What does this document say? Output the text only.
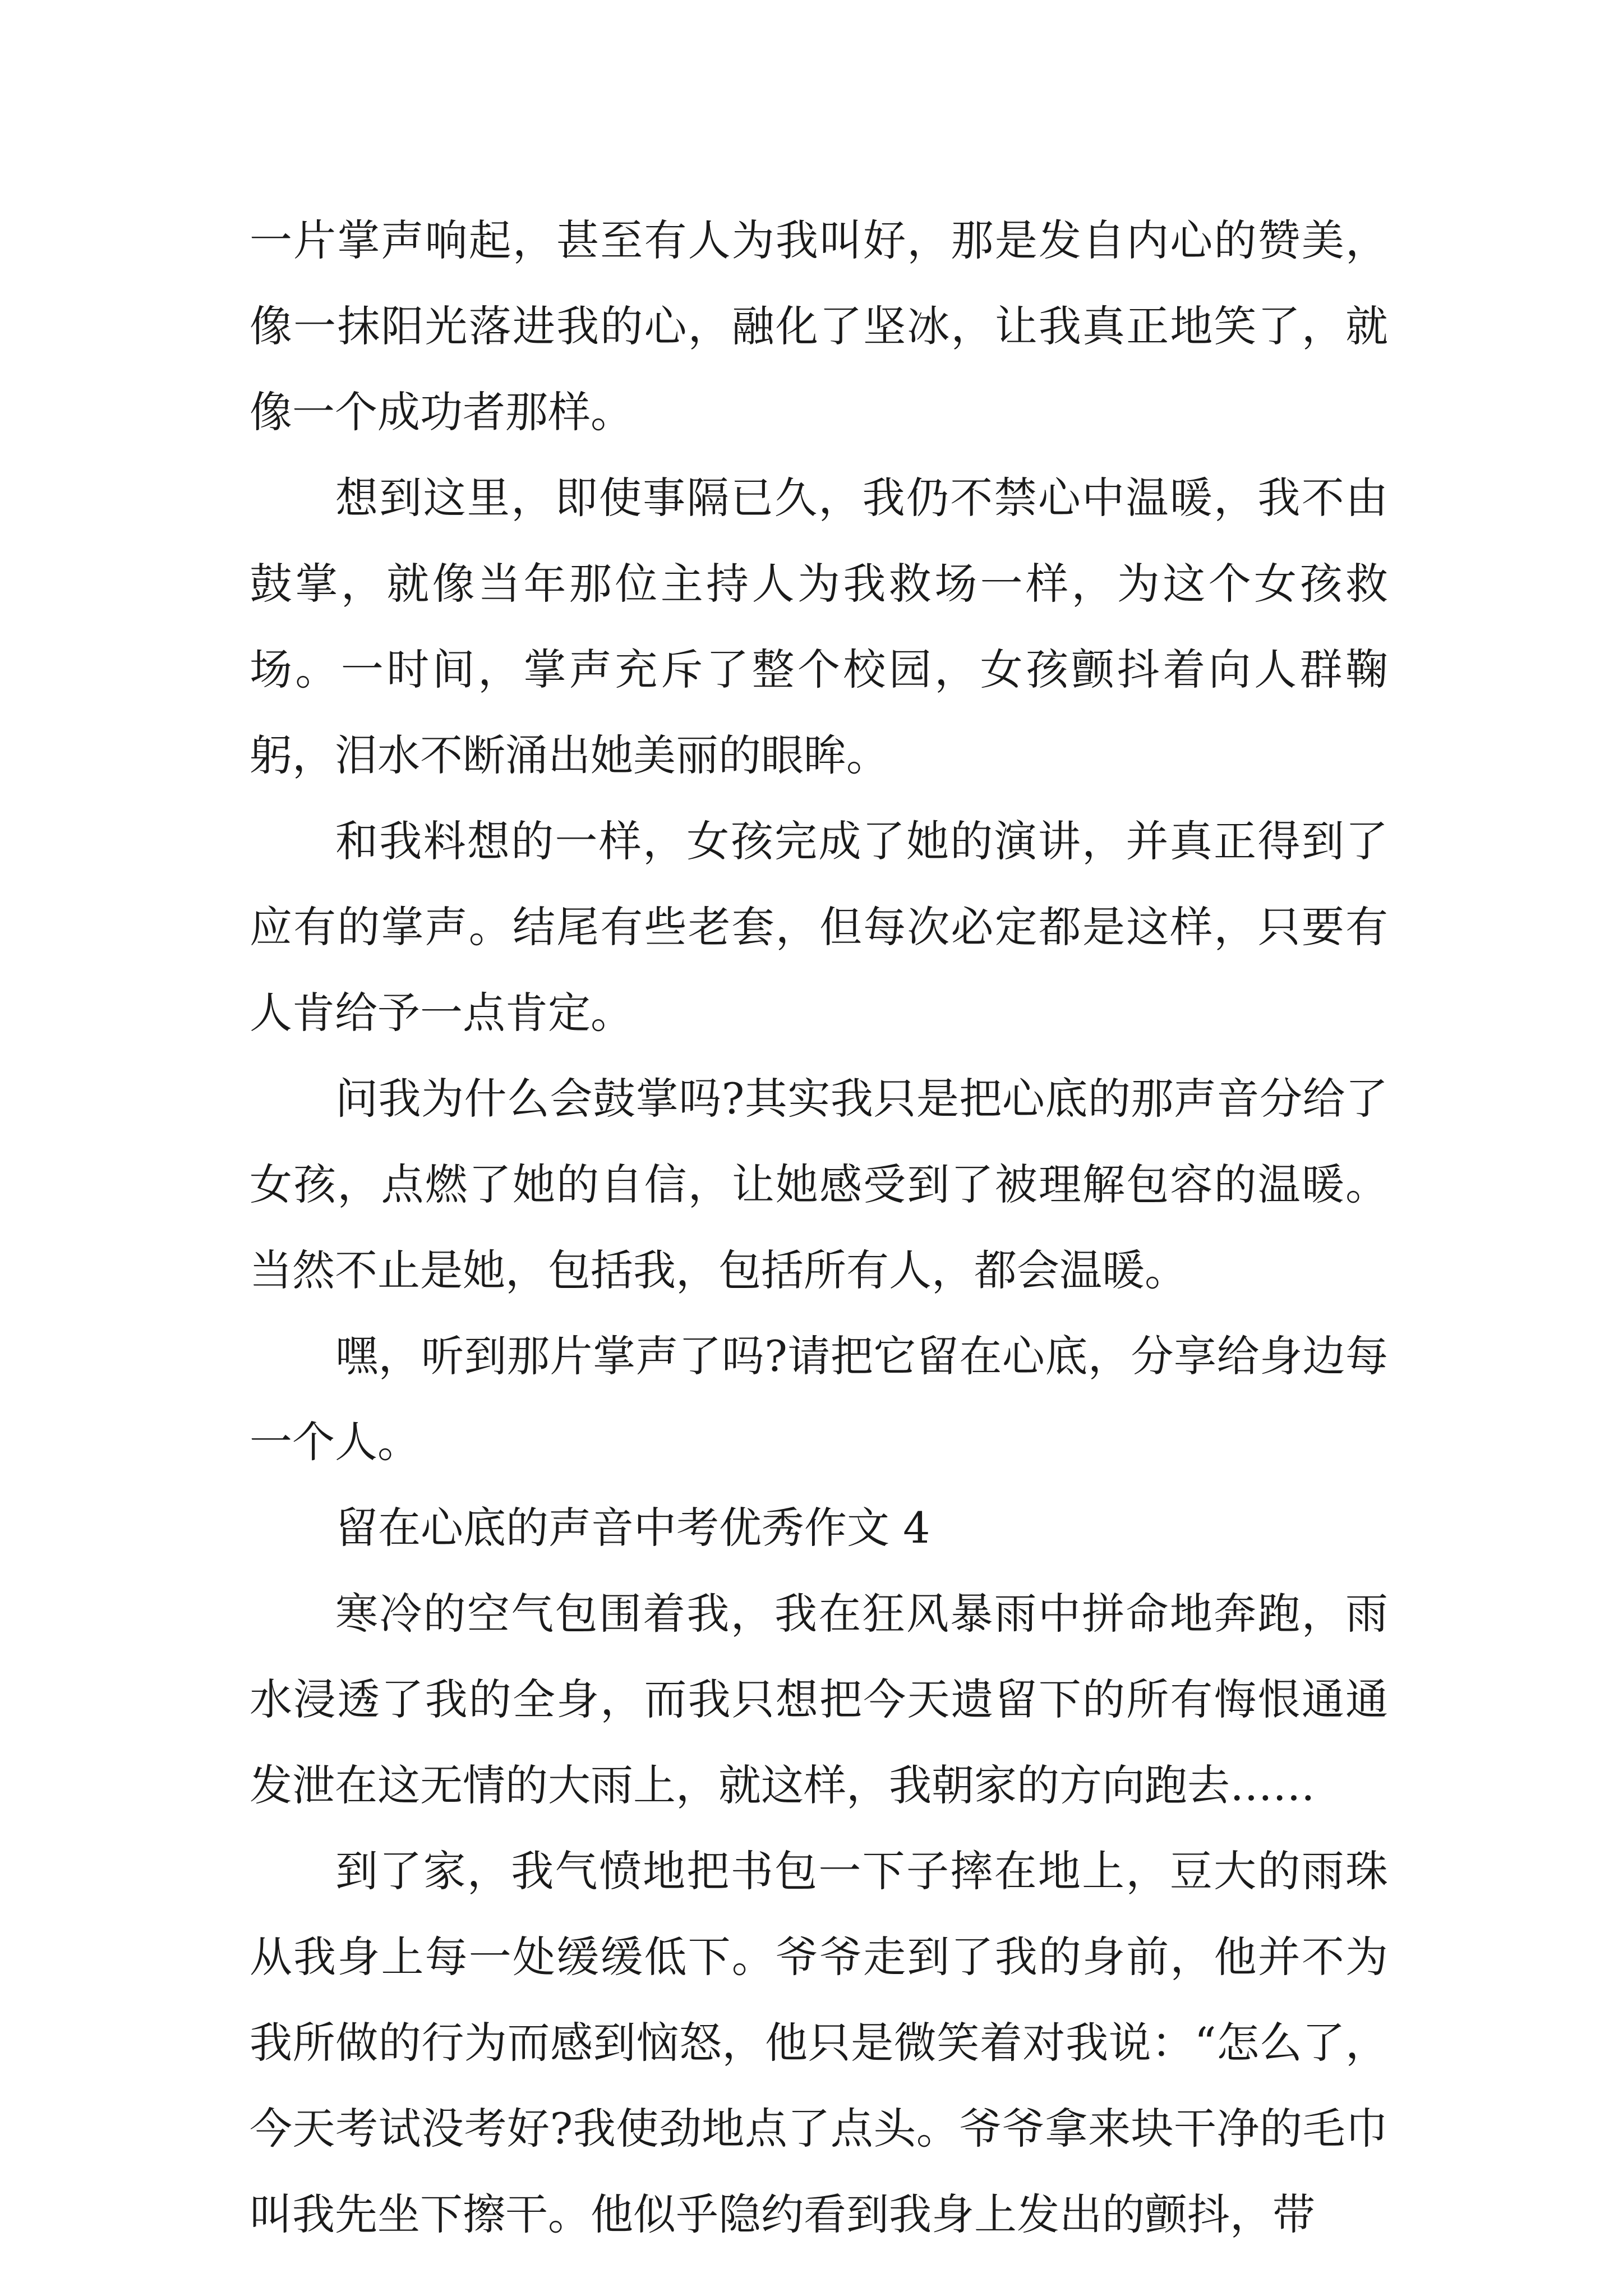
一片掌声响起，甚至有人为我叫好，那是发自内心的赞美，像一抹阳光落进我的心，融化了坚冰，让我真正地笑了，就像一个成功者那样。

想到这里，即使事隔已久，我仍不禁心中温暖，我不由鼓掌，就像当年那位主持人为我救场一样，为这个女孩救场。一时间，掌声充斥了整个校园，女孩颤抖着向人群鞠躬，泪水不断涌出她美丽的眼眸。

和我料想的一样，女孩完成了她的演讲，并真正得到了应有的掌声。结尾有些老套，但每次必定都是这样，只要有人肯给予一点肯定。

问我为什么会鼓掌吗?其实我只是把心底的那声音分给了女孩，点燃了她的自信，让她感受到了被理解包容的温暖。当然不止是她，包括我，包括所有人，都会温暖。

嘿，听到那片掌声了吗?请把它留在心底，分享给身边每一个人。

留在心底的声音中考优秀作文 4

寒冷的空气包围着我，我在狂风暴雨中拼命地奔跑，雨水浸透了我的全身，而我只想把今天遗留下的所有悔恨通通发泄在这无情的大雨上，就这样，我朝家的方向跑去……

到了家，我气愤地把书包一下子摔在地上，豆大的雨珠从我身上每一处缓缓低下。爷爷走到了我的身前，他并不为我所做的行为而感到恼怒，他只是微笑着对我说：“怎么了，今天考试没考好?我使劲地点了点头。爷爷拿来块干净的毛巾叫我先坐下擦干。他似乎隐约看到我身上发出的颤抖，带
